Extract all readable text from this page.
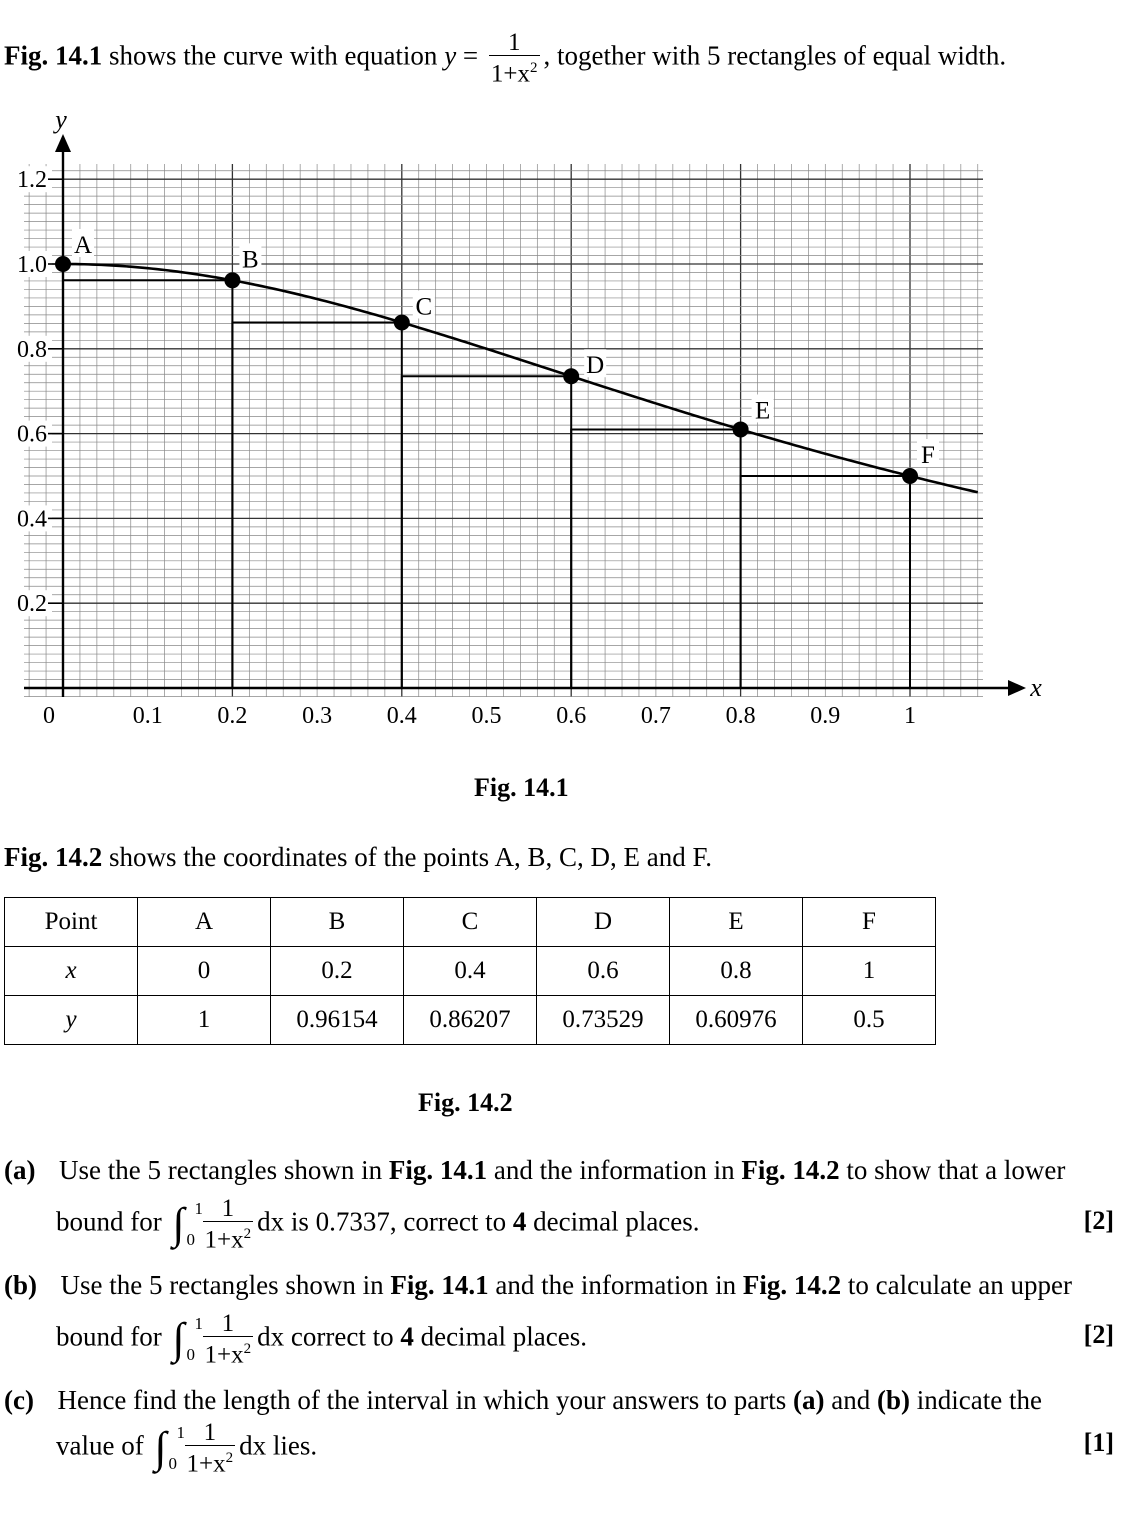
Fig. 14.1 shows the curve with equation $y = \frac{1}{1+x^2}$ , together with 5 rectangles of equal width.
y
x
0	0.1 0.2 0.3 0.4 0.5 0.6 0.7 0.8 0.9	1
0.2
0.4
0.6
0.8
1.0
1.2
A
B
C
D
E
F
Fig. 14.1
Fig. 14.2 shows the coordinates of the points A, B, C, D, E and F.
Point	A	B	C	D	E	F
x	0	0.2	0.4	0.6	0.8	1
y	1	0.96154	0.86207	0.73529	0.60976	0.5
Fig. 14.2
(a) Use the 5 rectangles shown in Fig. 14.1 and the information in Fig. 14.2 to show that a lower
bound for ∫ 1
$0 \frac{1}{1+x^2}$ dx is 0.7337, correct to 4 decimal places.	[2]
(b) Use the 5 rectangles shown in Fig. 14.1 and the information in Fig. 14.2 to calculate an upper
bound for ∫ 1
$0 \frac{1}{1+x^2}$ dx correct to 4 decimal places.	[2]
(c) Hence find the length of the interval in which your answers to parts (a) and (b) indicate the
value of ∫ 1
$0 \frac{1}{1+x^2}$ dx lies.	[1]
